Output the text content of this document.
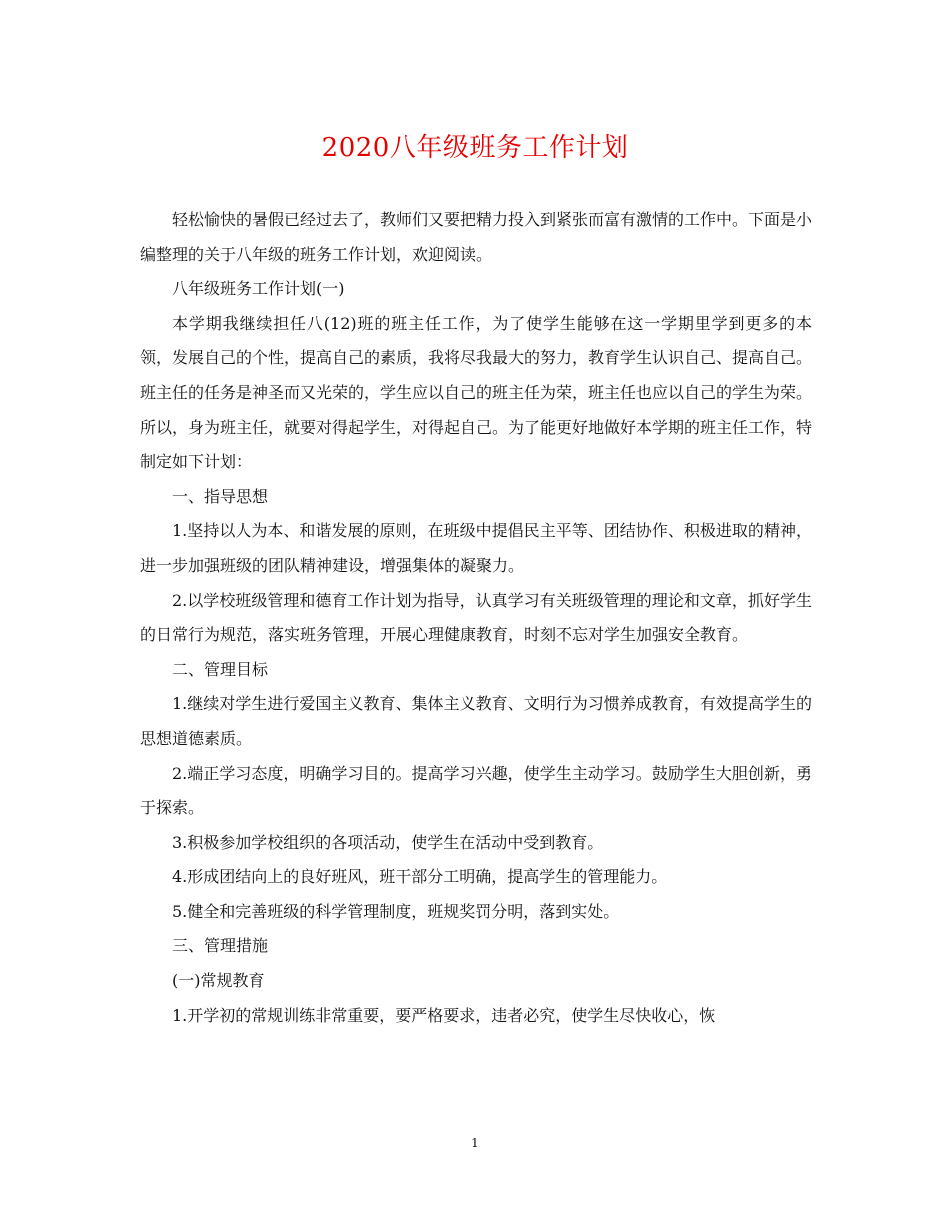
2020八年级班务工作计划

轻松愉快的暑假已经过去了，教师们又要把精力投入到紧张而富有激情的工作中。下面是小编整理的关于八年级的班务工作计划，欢迎阅读。

八年级班务工作计划(一)

本学期我继续担任八(12)班的班主任工作，为了使学生能够在这一学期里学到更多的本领，发展自己的个性，提高自己的素质，我将尽我最大的努力，教育学生认识自己、提高自己。班主任的任务是神圣而又光荣的，学生应以自己的班主任为荣，班主任也应以自己的学生为荣。所以，身为班主任，就要对得起学生，对得起自己。为了能更好地做好本学期的班主任工作，特制定如下计划：

一、指导思想

1.坚持以人为本、和谐发展的原则，在班级中提倡民主平等、团结协作、积极进取的精神，进一步加强班级的团队精神建设，增强集体的凝聚力。

2.以学校班级管理和德育工作计划为指导，认真学习有关班级管理的理论和文章，抓好学生的日常行为规范，落实班务管理，开展心理健康教育，时刻不忘对学生加强安全教育。

二、管理目标

1.继续对学生进行爱国主义教育、集体主义教育、文明行为习惯养成教育，有效提高学生的思想道德素质。

2.端正学习态度，明确学习目的。提高学习兴趣，使学生主动学习。鼓励学生大胆创新，勇于探索。

3.积极参加学校组织的各项活动，使学生在活动中受到教育。

4.形成团结向上的良好班风，班干部分工明确，提高学生的管理能力。

5.健全和完善班级的科学管理制度，班规奖罚分明，落到实处。

三、管理措施

(一)常规教育

1.开学初的常规训练非常重要，要严格要求，违者必究，使学生尽快收心，恢

1
